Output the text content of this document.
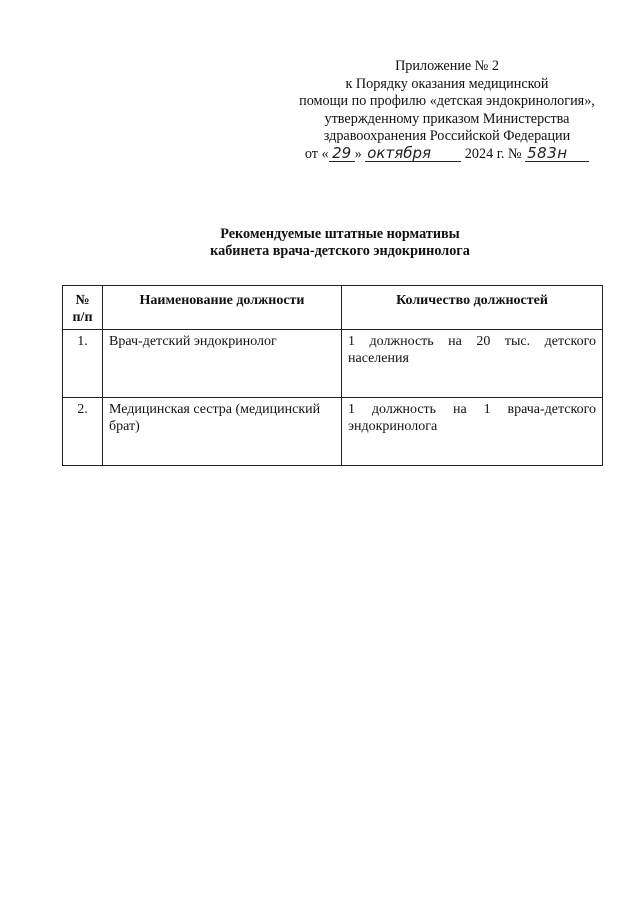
Приложение № 2
к Порядку оказания медицинской
помощи по профилю «детская эндокринология»,
утвержденному приказом Министерства
здравоохранения Российской Федерации
от « 29 » октября 2024 г. № 583н
Рекомендуемые штатные нормативы
кабинета врача-детского эндокринолога
№ п/п	Наименование должности	Количество должностей
1.	Врач-детский эндокринолог	1 должность на 20 тыс. детского населения
2.	Медицинская сестра (медицинский брат)	1 должность на 1 врача-детского эндокринолога
